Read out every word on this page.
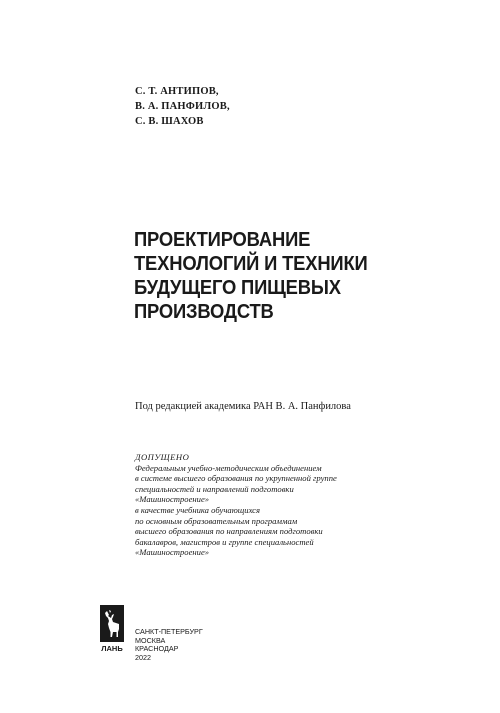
С. Т. АНТИПОВ,
В. А. ПАНФИЛОВ,
С. В. ШАХОВ
ПРОЕКТИРОВАНИЕ
ТЕХНОЛОГИЙ И ТЕХНИКИ
БУДУЩЕГО ПИЩЕВЫХ
ПРОИЗВОДСТВ
Под редакцией академика РАН В. А. Панфилова
ДОПУЩЕНО
Федеральным учебно-методическим объединением
в системе высшего образования по укрупненной группе
специальностей и направлений подготовки
«Машиностроение»
в качестве учебника обучающихся
по основным образовательным программам
высшего образования по направлениям подготовки
бакалавров, магистров и группе специальностей
«Машиностроение»
ЛАНЬ
САНКТ-ПЕТЕРБУРГ
МОСКВА
КРАСНОДАР
2022
